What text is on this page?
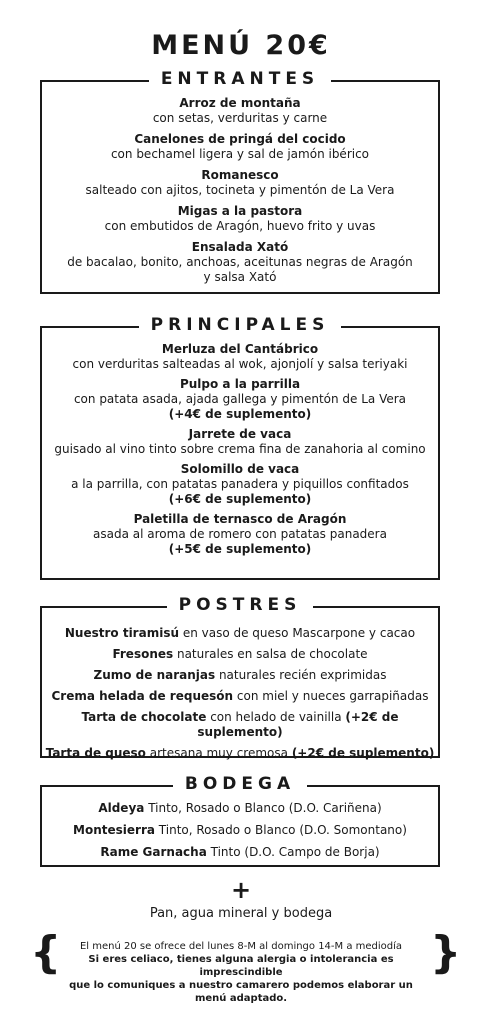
MENÚ 20€
ENTRANTES
Arroz de montaña
con setas, verduritas y carne
Canelones de pringá del cocido
con bechamel ligera y sal de jamón ibérico
Romanesco
salteado con ajitos, tocineta y pimentón de La Vera
Migas a la pastora
con embutidos de Aragón, huevo frito y uvas
Ensalada Xató
de bacalao, bonito, anchoas, aceitunas negras de Aragón
y salsa Xató
PRINCIPALES
Merluza del Cantábrico
con verduritas salteadas al wok, ajonjolí y salsa teriyaki
Pulpo a la parrilla
con patata asada, ajada gallega y pimentón de La Vera
(+4€ de suplemento)
Jarrete de vaca
guisado al vino tinto sobre crema fina de zanahoria al comino
Solomillo de vaca
a la parrilla, con patatas panadera y piquillos confitados
(+6€ de suplemento)
Paletilla de ternasco de Aragón
asada al aroma de romero con patatas panadera
(+5€ de suplemento)
POSTRES
Nuestro tiramisú en vaso de queso Mascarpone y cacao
Fresones naturales en salsa de chocolate
Zumo de naranjas naturales recién exprimidas
Crema helada de requesón con miel y nueces garrapiñadas
Tarta de chocolate con helado de vainilla (+2€ de suplemento)
Tarta de queso artesana muy cremosa (+2€ de suplemento)
BODEGA
Aldeya Tinto, Rosado o Blanco (D.O. Cariñena)
Montesierra Tinto, Rosado o Blanco (D.O. Somontano)
Rame Garnacha Tinto (D.O. Campo de Borja)
+
Pan, agua mineral y bodega
{	El menú 20 se ofrece del lunes 8-M al domingo 14-M a mediodía
Si eres celiaco, tienes alguna alergia o intolerancia es imprescindible
que lo comuniques a nuestro camarero podemos elaborar un menú adaptado.
}
